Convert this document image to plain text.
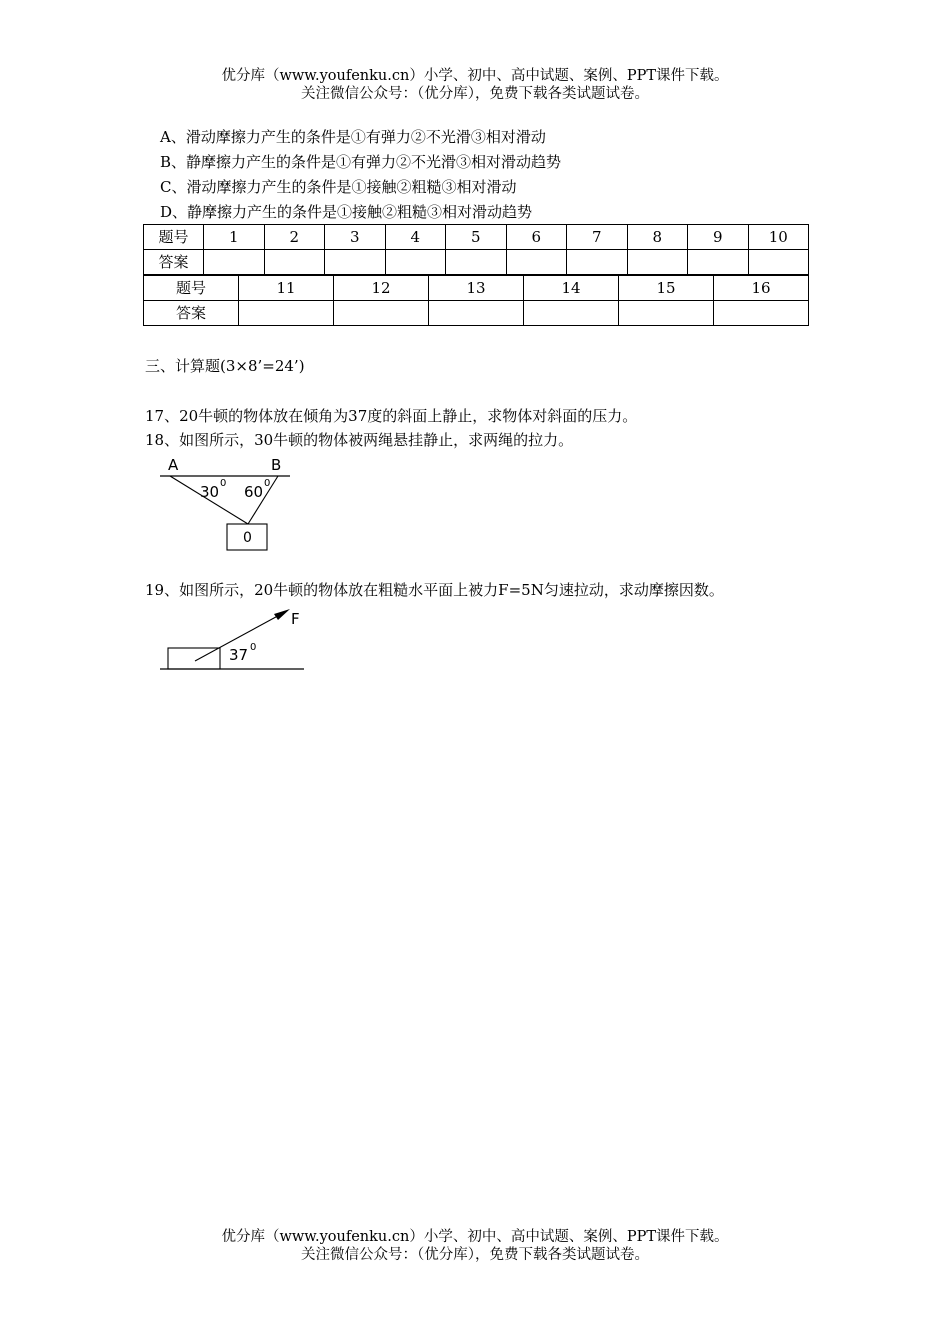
优分库（www.youfenku.cn）小学、初中、高中试题、案例、PPT课件下载。
关注微信公众号：（优分库），免费下载各类试题试卷。
A、滑动摩擦力产生的条件是①有弹力②不光滑③相对滑动
B、静摩擦力产生的条件是①有弹力②不光滑③相对滑动趋势
C、滑动摩擦力产生的条件是①接触②粗糙③相对滑动
D、静摩擦力产生的条件是①接触②粗糙③相对滑动趋势
题号	1	2	3	4	5	6	7	8	9	10
答案										
题号	11	12	13	14	15	16
答案						
三、计算题(3×8’=24’)
17、20牛顿的物体放在倾角为37度的斜面上静止，求物体对斜面的压力。
18、如图所示，30牛顿的物体被两绳悬挂静止，求两绳的拉力。
A	B
30 0 60 0
0
19、如图所示，20牛顿的物体放在粗糙水平面上被力F=5N匀速拉动，求动摩擦因数。
F
37 0
优分库（www.youfenku.cn）小学、初中、高中试题、案例、PPT课件下载。
关注微信公众号：（优分库），免费下载各类试题试卷。
